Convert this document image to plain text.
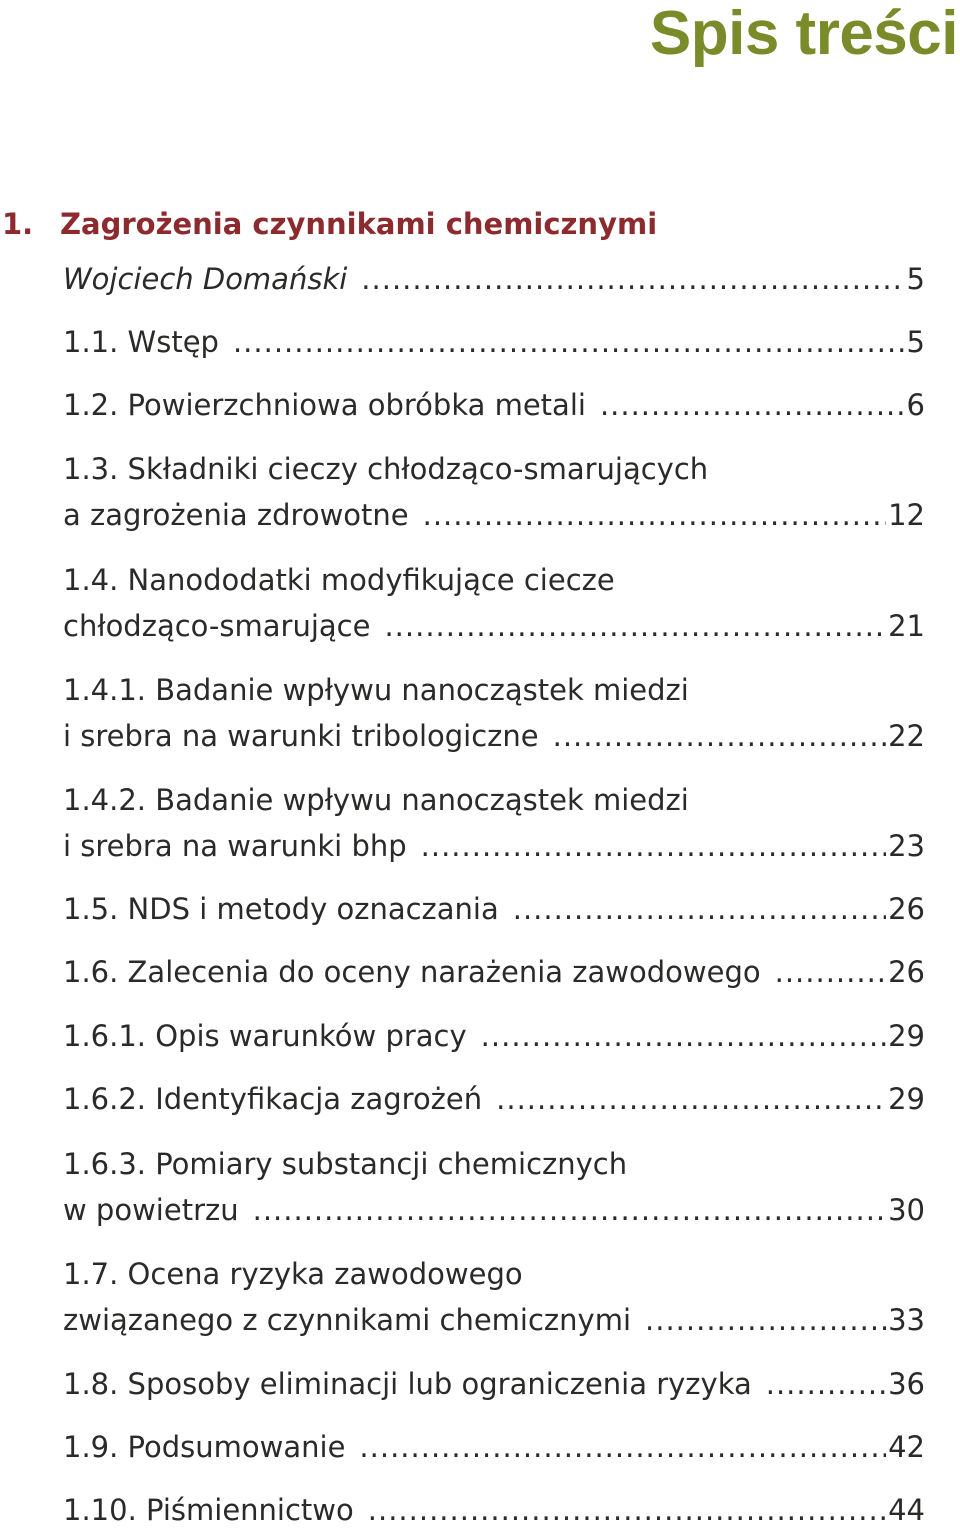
Spis treści
1. Zagrożenia czynnikami chemicznymi
Wojciech Domański .....	5
1.1. Wstęp .....	5
1.2. Powierzchniowa obróbka metali .....	6
1.3. Składniki cieczy chłodząco-smarujących
a zagrożenia zdrowotne .....	12
1.4. Nanododatki modyfikujące ciecze
chłodząco-smarujące .....	21
1.4.1. Badanie wpływu nanocząstek miedzi
i srebra na warunki tribologiczne .....	22
1.4.2. Badanie wpływu nanocząstek miedzi
i srebra na warunki bhp .....	23
1.5. NDS i metody oznaczania .....	26
1.6. Zalecenia do oceny narażenia zawodowego .....	26
1.6.1. Opis warunków pracy .....	29
1.6.2. Identyfikacja zagrożeń .....	29
1.6.3. Pomiary substancji chemicznych
w powietrzu .....	30
1.7. Ocena ryzyka zawodowego
związanego z czynnikami chemicznymi .....	33
1.8. Sposoby eliminacji lub ograniczenia ryzyka .....	36
1.9. Podsumowanie .....	42
1.10. Piśmiennictwo .....	44
